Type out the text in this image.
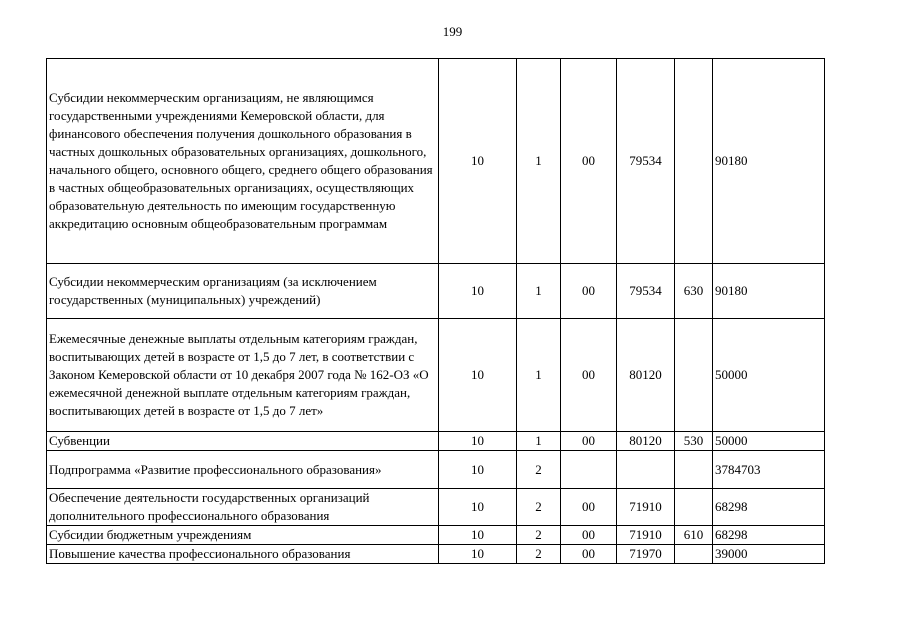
199
Субсидии некоммерческим организациям, не являющимся государственными учреждениями Кемеровской области, для финансового обеспечения получения дошкольного образования в частных дошкольных образовательных организациях, дошкольного, начального общего, основного общего, среднего общего образования в частных общеобразовательных организациях, осуществляющих образовательную деятельность по имеющим государственную аккредитацию основным общеобразовательным программам	10	1	00	79534		90180
Субсидии некоммерческим организациям (за исключением государственных (муниципальных) учреждений)	10	1	00	79534	630	90180
Ежемесячные денежные выплаты отдельным категориям граждан, воспитывающих детей в возрасте от 1,5 до 7 лет, в соответствии с Законом Кемеровской области от 10 декабря 2007 года № 162-ОЗ «О ежемесячной денежной выплате отдельным категориям граждан, воспитывающих детей в возрасте от 1,5 до 7 лет»	10	1	00	80120		50000
Субвенции	10	1	00	80120	530	50000
Подпрограмма «Развитие профессионального образования»	10	2				3784703
Обеспечение деятельности государственных организаций дополнительного профессионального образования	10	2	00	71910		68298
Субсидии бюджетным учреждениям	10	2	00	71910	610	68298
Повышение качества профессионального образования	10	2	00	71970		39000
